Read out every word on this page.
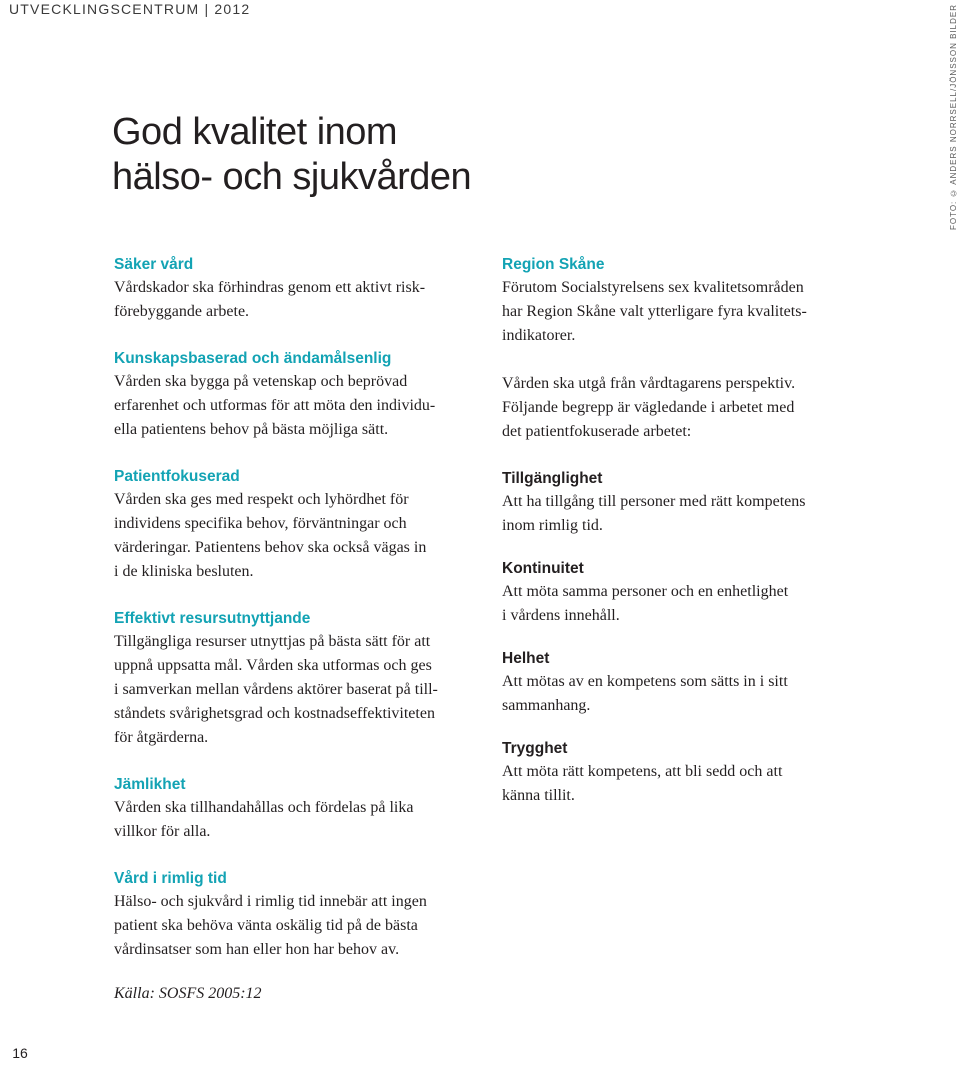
UTVECKLINGSCENTRUM | 2012	FOTO: © ANDERS NORRSELL/JÖNSSON BILDER
God kvalitet inom
hälso- och sjukvården
Säker vård
Vårdskador ska förhindras genom ett aktivt risk-
förebyggande arbete.
Kunskapsbaserad och ändamålsenlig
Vården ska bygga på vetenskap och beprövad
erfarenhet och utformas för att möta den individu-
ella patientens behov på bästa möjliga sätt.
Patientfokuserad
Vården ska ges med respekt och lyhördhet för
individens specifika behov, förväntningar och
värderingar. Patientens behov ska också vägas in
i de kliniska besluten.
Effektivt resursutnyttjande
Tillgängliga resurser utnyttjas på bästa sätt för att
uppnå uppsatta mål. Vården ska utformas och ges
i samverkan mellan vårdens aktörer baserat på till-
ståndets svårighetsgrad och kostnadseffektiviteten
för åtgärderna.
Jämlikhet
Vården ska tillhandahållas och fördelas på lika
villkor för alla.
Vård i rimlig tid
Hälso- och sjukvård i rimlig tid innebär att ingen
patient ska behöva vänta oskälig tid på de bästa
vårdinsatser som han eller hon har behov av.
Region Skåne
Förutom Socialstyrelsens sex kvalitetsområden
har Region Skåne valt ytterligare fyra kvalitets-
indikatorer.
Vården ska utgå från vårdtagarens perspektiv.
Följande begrepp är vägledande i arbetet med
det patientfokuserade arbetet:
Tillgänglighet
Att ha tillgång till personer med rätt kompetens
inom rimlig tid.
Kontinuitet
Att möta samma personer och en enhetlighet
i vårdens innehåll.
Helhet
Att mötas av en kompetens som sätts in i sitt
sammanhang.
Trygghet
Att möta rätt kompetens, att bli sedd och att
känna tillit.
Källa: SOSFS 2005:12
16
